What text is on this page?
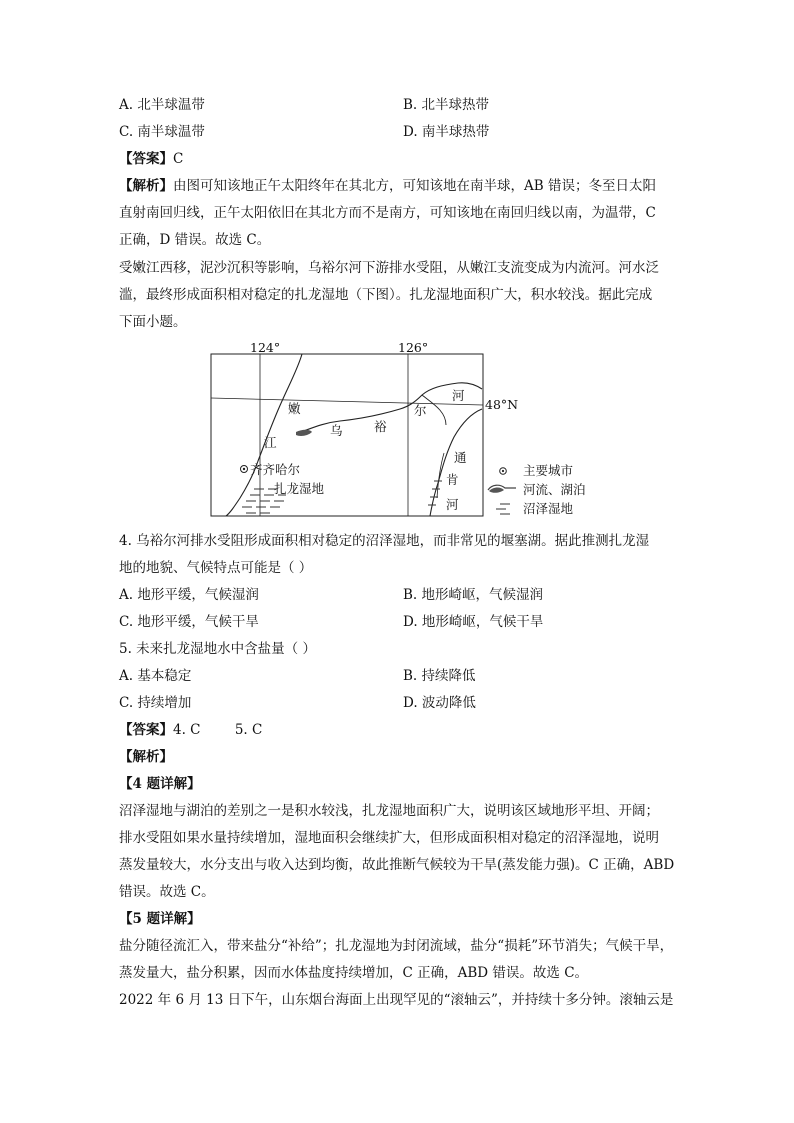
A. 北半球温带	B. 北半球热带
C. 南半球温带	D. 南半球热带
【答案】C
【解析】由图可知该地正午太阳终年在其北方，可知该地在南半球，AB 错误；冬至日太阳
直射南回归线，正午太阳依旧在其北方而不是南方，可知该地在南回归线以南，为温带，C
正确，D 错误。故选 C。
受嫩江西移，泥沙沉积等影响，乌裕尔河下游排水受阻，从嫩江支流变成为内流河。河水泛
滥，最终形成面积相对稳定的扎龙湿地（下图）。扎龙湿地面积广大，积水较浅。据此完成
下面小题。
124°	126°
48°N
嫩
江
乌	裕
尔
河
通
肯
河
齐齐哈尔
扎龙湿地
主要城市
河流、湖泊
沼泽湿地
4. 乌裕尔河排水受阻形成面积相对稳定的沼泽湿地，而非常见的堰塞湖。据此推测扎龙湿
地的地貌、气候特点可能是（ ）
A. 地形平缓，气候湿润	B. 地形崎岖，气候湿润
C. 地形平缓，气候干旱	D. 地形崎岖，气候干旱
5. 未来扎龙湿地水中含盐量（ ）
A. 基本稳定	B. 持续降低
C. 持续增加	D. 波动降低
【答案】4. C        5. C
【解析】
【4 题详解】
沼泽湿地与湖泊的差别之一是积水较浅，扎龙湿地面积广大，说明该区域地形平坦、开阔；
排水受阻如果水量持续增加，湿地面积会继续扩大，但形成面积相对稳定的沼泽湿地，说明
蒸发量较大，水分支出与收入达到均衡，故此推断气候较为干旱(蒸发能力强)。C 正确，ABD
错误。故选 C。
【5 题详解】
盐分随径流汇入，带来盐分“补给”；扎龙湿地为封闭流域，盐分“损耗”环节消失；气候干旱，
蒸发量大，盐分积累，因而水体盐度持续增加，C 正确，ABD 错误。故选 C。
2022 年 6 月 13 日下午，山东烟台海面上出现罕见的“滚轴云”，并持续十多分钟。滚轴云是
